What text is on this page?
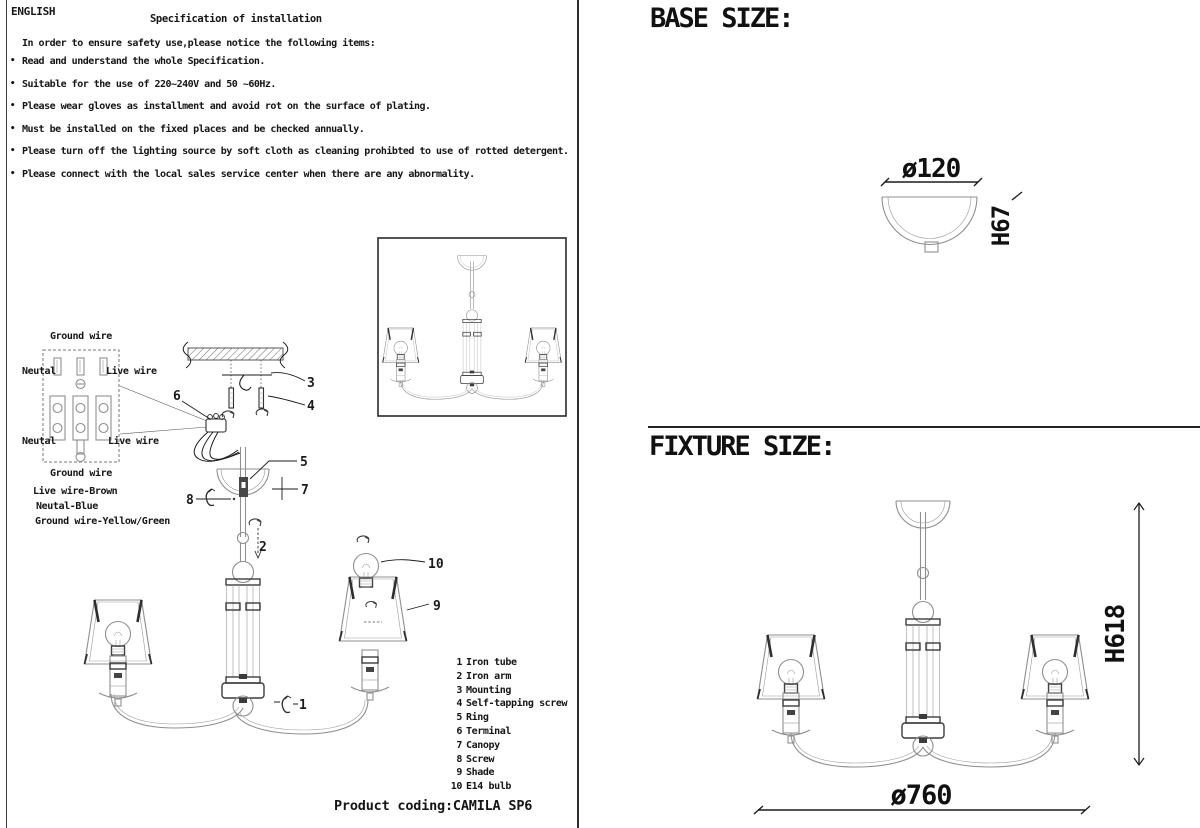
ENGLISH
Specification of installation
In order to ensure safety use,please notice the following items:
• Read and understand the whole Specification.
• Suitable for the use of 220~240V and 50 ~60Hz.
• Please wear gloves as installment and avoid rot on the surface of plating.
• Must be installed on the fixed places and be checked annually.
• Please turn off the lighting source by soft cloth as cleaning prohibted to use of rotted detergent.
• Please connect with the local sales service center when there are any abnormality.
Ground wire
Neutal	Live wire
Neutal	Live wire
Ground wire
Live wire-Brown
Neutal-Blue
Ground wire-Yellow/Green
3
4
6
5
7
8
2
1
10
9
1 Iron tube
2 Iron arm
3 Mounting
4 Self-tapping screw
5 Ring
6 Terminal
7 Canopy
8 Screw
9 Shade
10 E14 bulb
Product coding:CAMILA SP6
BASE SIZE:
FIXTURE SIZE:
ø120
H67
H618
ø760
